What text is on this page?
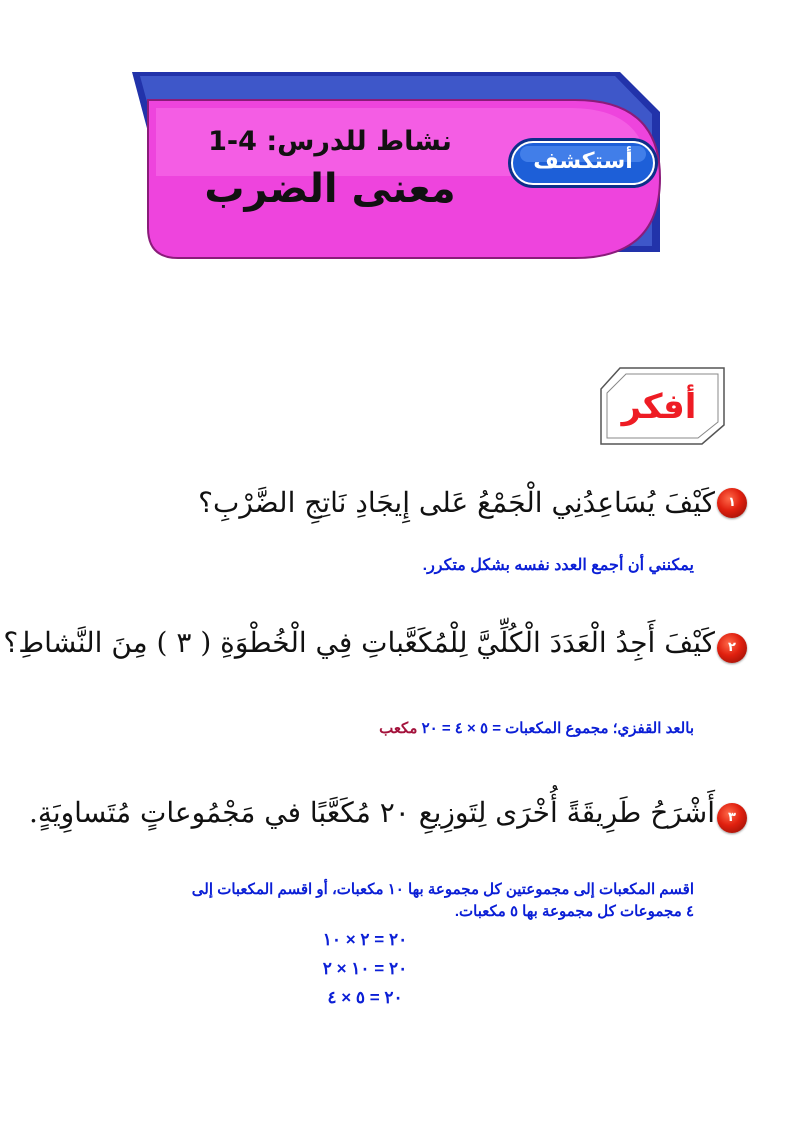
نشاط للدرس: 4-1
معنى الضرب
أستكشف
أفكر
١
كَيْفَ يُسَاعِدُنِي الْجَمْعُ عَلى إِيجَادِ نَاتِجِ الضَّرْبِ؟
يمكنني أن أجمع العدد نفسه بشكل متكرر.
٢
كَيْفَ أَجِدُ الْعَدَدَ الْكُلِّيَّ لِلْمُكَعَّباتِ فِي الْخُطْوَةِ ( ٣ ) مِنَ النَّشاطِ؟
بالعد القفزي؛ مجموع المكعبات = ٥ × ٤ = ٢٠ مكعب
٣
أَشْرَحُ طَرِيقَةً أُخْرَى لِتَوزِيعِ ٢٠ مُكَعَّبًا في مَجْمُوعاتٍ مُتَساوِيَةٍ.
اقسم المكعبات إلى مجموعتين كل مجموعة بها ١٠ مكعبات، أو اقسم المكعبات إلى
٤ مجموعات كل مجموعة بها ٥ مكعبات.
٢٠ = ٢ × ١٠
٢٠ = ١٠ × ٢
٢٠ = ٥ × ٤
